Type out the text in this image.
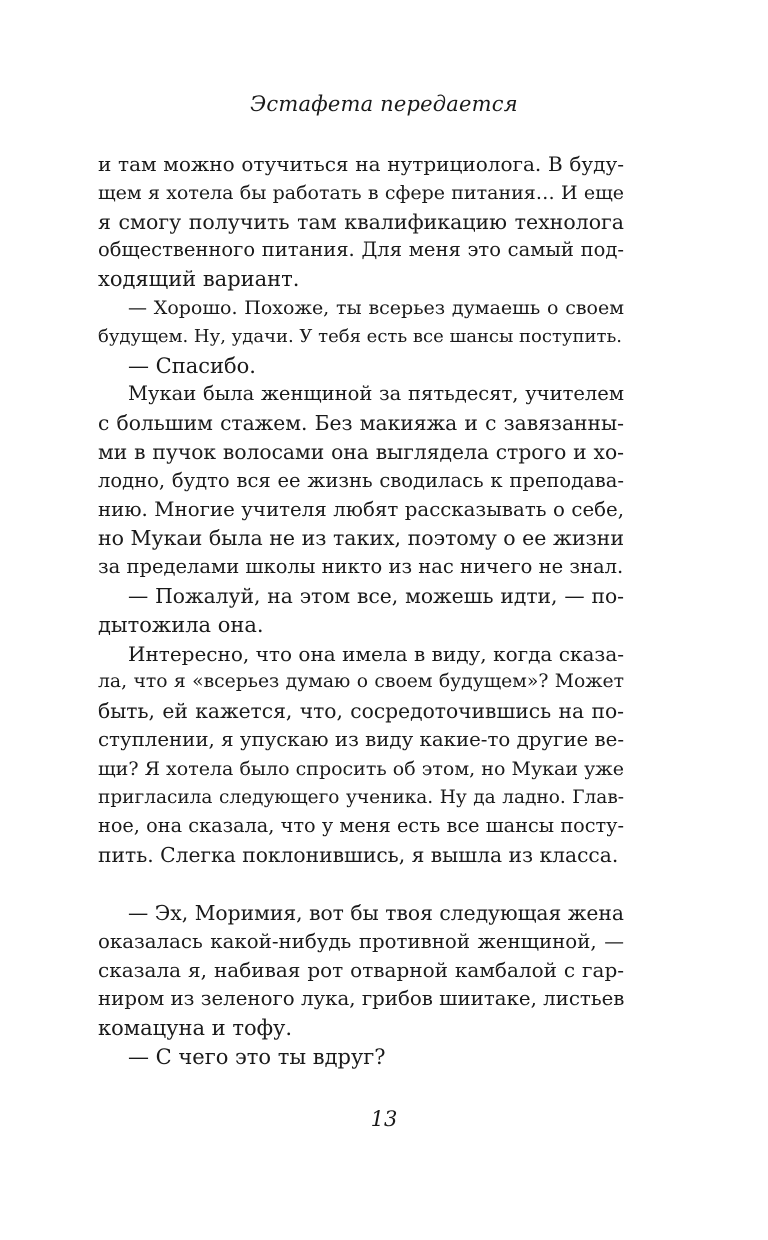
Эстафета передается
и там можно отучиться на нутрициолога. В буду-
щем я хотела бы работать в сфере питания… И еще
я смогу получить там квалификацию технолога
общественного питания. Для меня это самый под-
ходящий вариант.
— Хорошо. Похоже, ты всерьез думаешь о своем
будущем. Ну, удачи. У тебя есть все шансы поступить.
— Спасибо.
Мукаи была женщиной за пятьдесят, учителем
с большим стажем. Без макияжа и с завязанны-
ми в пучок волосами она выглядела строго и хо-
лодно, будто вся ее жизнь сводилась к преподава-
нию. Многие учителя любят рассказывать о себе,
но Мукаи была не из таких, поэтому о ее жизни
за пределами школы никто из нас ничего не знал.
— Пожалуй, на этом все, можешь идти, — по-
дытожила она.
Интересно, что она имела в виду, когда сказа-
ла, что я «всерьез думаю о своем будущем»? Может
быть, ей кажется, что, сосредоточившись на по-
ступлении, я упускаю из виду какие-то другие ве-
щи? Я хотела было спросить об этом, но Мукаи уже
пригласила следующего ученика. Ну да ладно. Глав-
ное, она сказала, что у меня есть все шансы посту-
пить. Слегка поклонившись, я вышла из класса.
— Эх, Моримия, вот бы твоя следующая жена
оказалась какой-нибудь противной женщиной, —
сказала я, набивая рот отварной камбалой с гар-
ниром из зеленого лука, грибов шиитаке, листьев
комацуна и тофу.
— С чего это ты вдруг?
13
